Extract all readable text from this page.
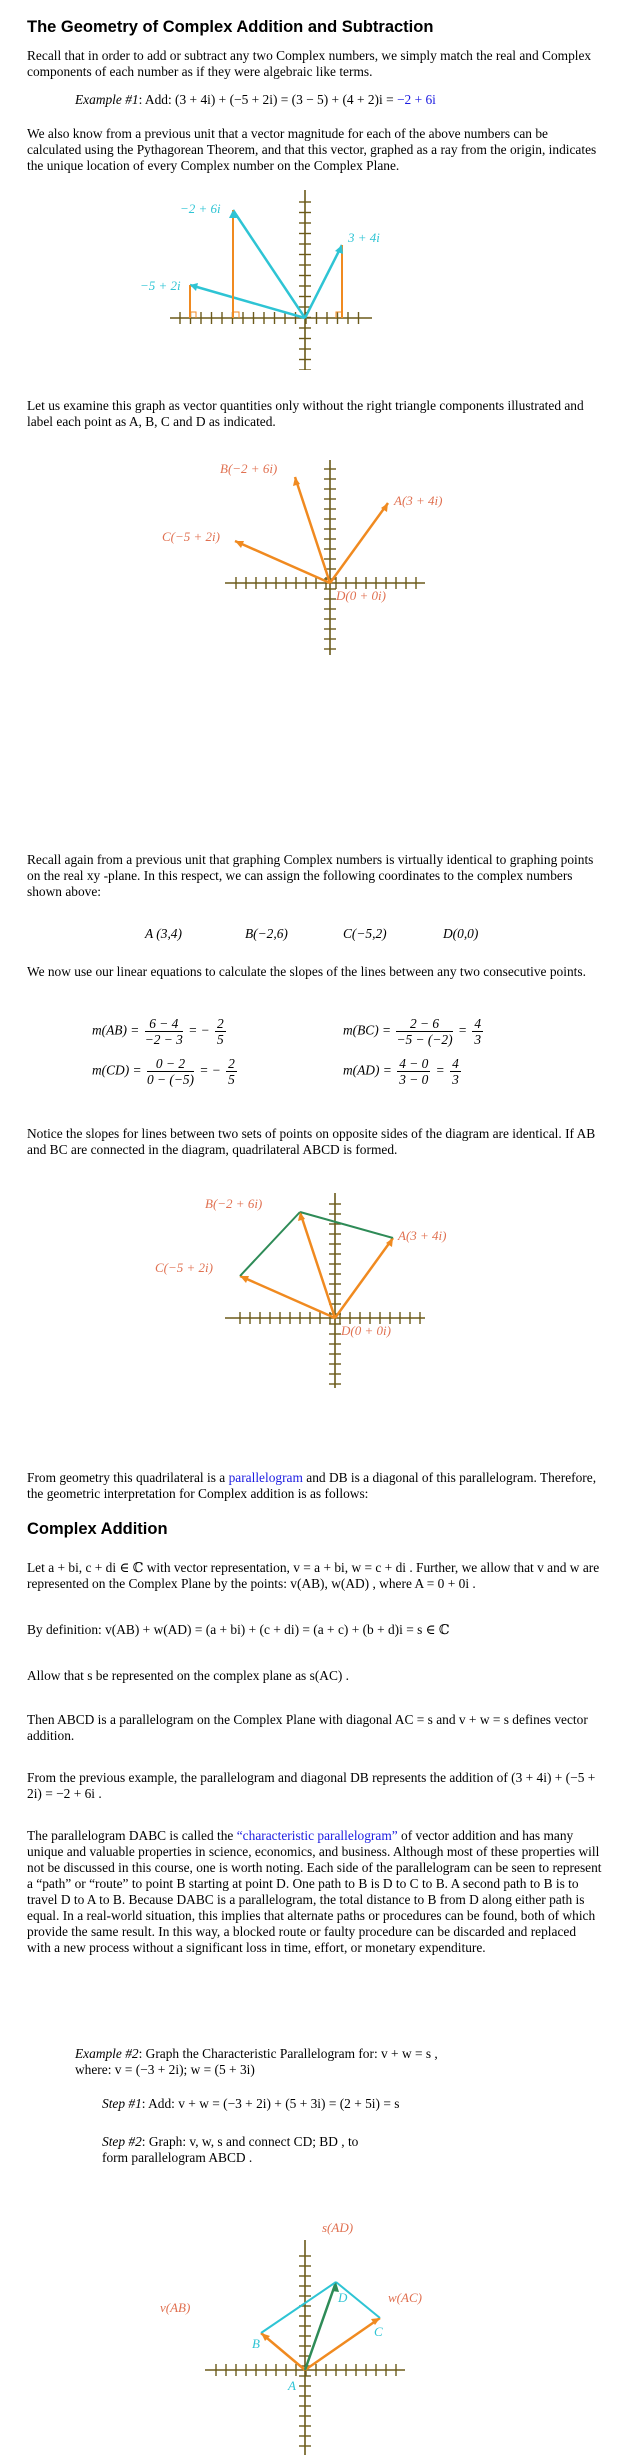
The Geometry of Complex Addition and Subtraction
Recall that in order to add or subtract any two Complex numbers, we simply match the real and Complex components of each number as if they were algebraic like terms.
Example #1: Add: (3 + 4i) + (−5 + 2i) = (3 − 5) + (4 + 2)i = −2 + 6i
We also know from a previous unit that a vector magnitude for each of the above numbers can be calculated using the Pythagorean Theorem, and that this vector, graphed as a ray from the origin, indicates the unique location of every Complex number on the Complex Plane.
−2 + 6i
3 + 4i
−5 + 2i
Let us examine this graph as vector quantities only without the right triangle components illustrated and label each point as A, B, C and D as indicated.
B(−2 + 6i)
A(3 + 4i)
C(−5 + 2i)
D(0 + 0i)
Recall again from a previous unit that graphing Complex numbers is virtually identical to graphing points on the real xy -plane. In this respect, we can assign the following coordinates to the complex numbers shown above:
A (3,4)	B(−2,6)	C(−5,2)	D(0,0)
We now use our linear equations to calculate the slopes of the lines between any two consecutive points.
$m(AB) = \frac{6 - 4}{-2 - 3}$ = − $\frac{2}{5}$	$m(BC) = \frac{2 - 6}{-5 - (-2)} = \frac{4}{3}$
$m(CD) = \frac{0 - 2}{0 - (-5)}$ = − $\frac{2}{5}$	$m(AD) = \frac{4 - 0}{3 - 0} = \frac{4}{3}$
Notice the slopes for lines between two sets of points on opposite sides of the diagram are identical. If AB and BC are connected in the diagram, quadrilateral ABCD is formed.
B(−2 + 6i)
A(3 + 4i)
C(−5 + 2i)
D(0 + 0i)
From geometry this quadrilateral is a parallelogram and DB is a diagonal of this parallelogram. Therefore, the geometric interpretation for Complex addition is as follows:
Complex Addition
Let a + bi, c + di ∈ ℂ with vector representation, v = a + bi, w = c + di . Further, we allow that v and w are represented on the Complex Plane by the points: v(AB), w(AD) , where A = 0 + 0i .
By definition: v(AB) + w(AD) = (a + bi) + (c + di) = (a + c) + (b + d)i = s ∈ ℂ
Allow that s be represented on the complex plane as s(AC) .
Then ABCD is a parallelogram on the Complex Plane with diagonal AC = s and v + w = s defines vector addition.
From the previous example, the parallelogram and diagonal DB represents the addition of (3 + 4i) + (−5 + 2i) = −2 + 6i .
The parallelogram DABC is called the “characteristic parallelogram” of vector addition and has many unique and valuable properties in science, economics, and business. Although most of these properties will not be discussed in this course, one is worth noting. Each side of the parallelogram can be seen to represent a “path” or “route” to point B starting at point D. One path to B is D to C to B. A second path to B is to travel D to A to B. Because DABC is a parallelogram, the total distance to B from D along either path is equal. In a real-world situation, this implies that alternate paths or procedures can be found, both of which provide the same result. In this way, a blocked route or faulty procedure can be discarded and replaced with a new process without a significant loss in time, effort, or monetary expenditure.
Example #2: Graph the Characteristic Parallelogram for: v + w = s ,
where: v = (−3 + 2i); w = (5 + 3i)
Step #1: Add: v + w = (−3 + 2i) + (5 + 3i) = (2 + 5i) = s
Step #2: Graph: v, w, s and connect CD; BD , to form parallelogram ABCD .
s(AD)
v(AB)
w(AC)
A
B
C
D
